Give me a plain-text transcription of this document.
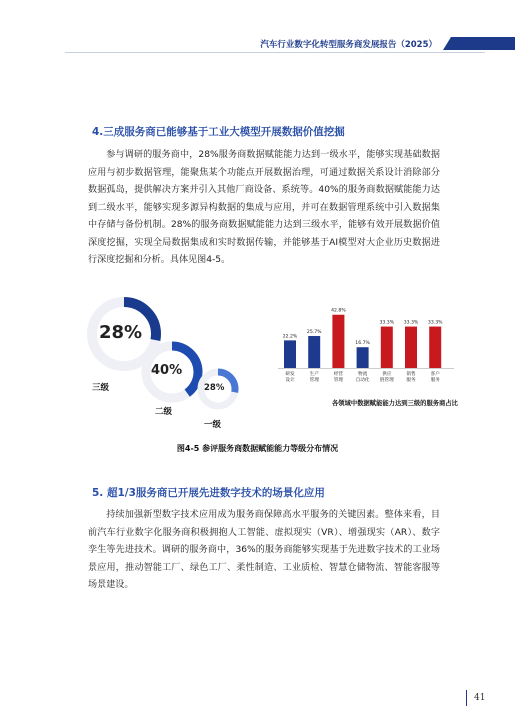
汽车行业数字化转型服务商发展报告（2025）
4.三成服务商已能够基于工业大模型开展数据价值挖掘

参与调研的服务商中，28%服务商数据赋能能力达到一级水平，能够实现基础数据应用与初步数据管理，能聚焦某个功能点开展数据治理，可通过数据关系设计消除部分数据孤岛，提供解决方案并引入其他厂商设备、系统等。40%的服务商数据赋能能力达到二级水平，能够实现多源异构数据的集成与应用，并可在数据管理系统中引入数据集中存储与备份机制。28%的服务商数据赋能能力达到三级水平，能够有效开展数据价值深度挖掘，实现全局数据集成和实时数据传输，并能够基于AI模型对大企业历史数据进行深度挖掘和分析。具体见图4-5。

28%
三级
40%
二级
28%
一级
22.2%
研发设计
25.7%
生产管理
42.8%
经营管理
16.7%
物流自动化
33.3%
供应链管理
33.3%
销售服务
33.3%
客户服务
各领域中数据赋能能力达到三级的服务商占比
图4-5 参评服务商数据赋能能力等级分布情况
5. 超1/3服务商已开展先进数字技术的场景化应用

持续加强新型数字技术应用成为服务商保障高水平服务的关键因素。整体来看，目前汽车行业数字化服务商积极拥抱人工智能、虚拟现实（VR）、增强现实（AR）、数字孪生等先进技术。调研的服务商中，36%的服务商能够实现基于先进数字技术的工业场景应用，推动智能工厂、绿色工厂、柔性制造、工业质检、智慧仓储物流、智能客服等场景建设。

41
